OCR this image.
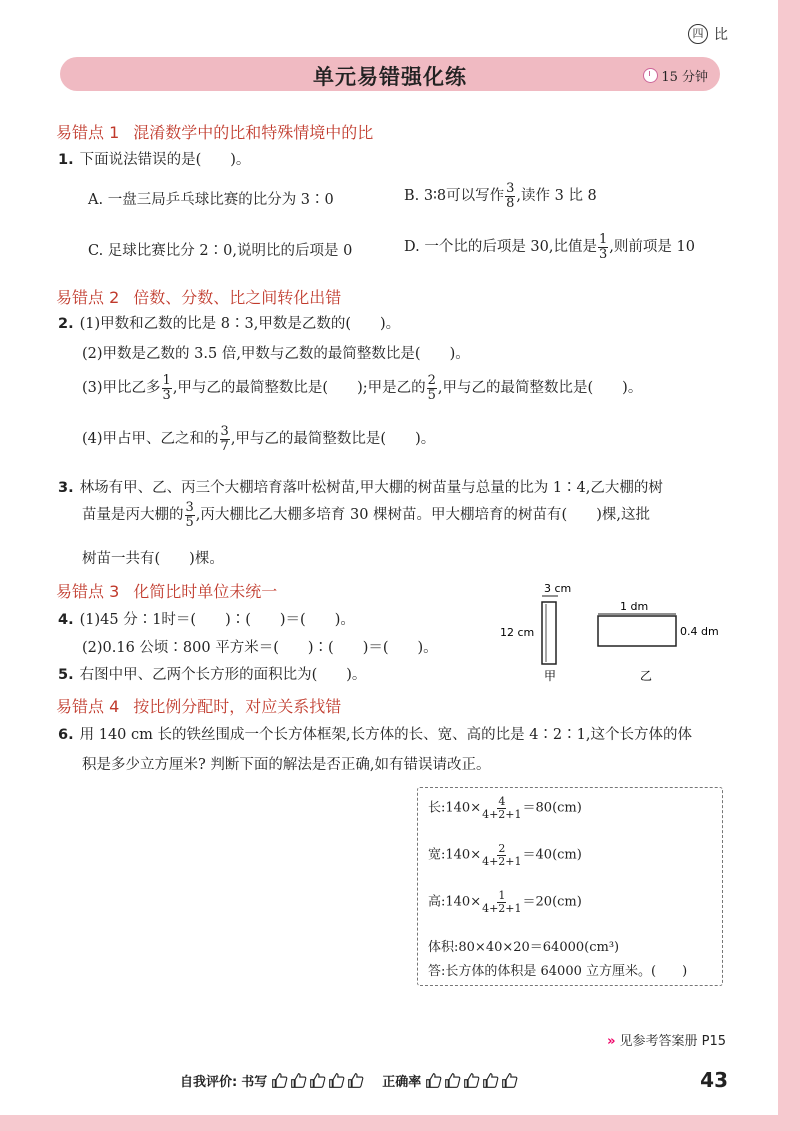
四 比
单元易错强化练	15 分钟
易错点 1 混淆数学中的比和特殊情境中的比
1. 下面说法错误的是(　　)。
A. 一盘三局乒乓球比赛的比分为 3∶0	B. 3∶8可以写作 $\frac{3}{8}$ ,读作 3 比 8
C. 足球比赛比分 2∶0,说明比的后项是 0	D. 一个比的后项是 30,比值是 $\frac{1}{3}$ ,则前项是 10
易错点 2 倍数、分数、比之间转化出错
2. (1)甲数和乙数的比是 8∶3,甲数是乙数的(　　)。
(2)甲数是乙数的 3.5 倍,甲数与乙数的最简整数比是(　　)。
(3)甲比乙多 $\frac{1}{3}$ ,甲与乙的最简整数比是(　　);甲是乙的 $\frac{2}{5}$ ,甲与乙的最简整数比是(　　)。
(4)甲占甲、乙之和的 $\frac{3}{7}$ ,甲与乙的最简整数比是(　　)。
3. 林场有甲、乙、丙三个大棚培育落叶松树苗,甲大棚的树苗量与总量的比为 1∶4,乙大棚的树
苗量是丙大棚的 $\frac{3}{5}$ ,丙大棚比乙大棚多培育 30 棵树苗。甲大棚培育的树苗有(　　)棵,这批
树苗一共有(　　)棵。
易错点 3 化简比时单位未统一
4. (1)45 分∶1时＝(　　)∶(　　)＝(　　)。
(2)0.16 公顷∶800 平方米＝(　　)∶(　　)＝(　　)。
5. 右图中甲、乙两个长方形的面积比为(　　)。
3 cm
12 cm
甲
1 dm
0.4 dm
乙
易错点 4 按比例分配时，对应关系找错
6. 用 140 cm 长的铁丝围成一个长方体框架,长方体的长、宽、高的比是 4∶2∶1,这个长方体的体
积是多少立方厘米? 判断下面的解法是否正确,如有错误请改正。
长:140× $\frac{4}{4+2+1} =80(cm)$
宽:140× $\frac{2}{4+2+1} =40(cm)$
高:140× $\frac{1}{4+2+1} =20(cm)$
体积:80×40×20＝64000(cm³)
答:长方体的体积是 64000 立方厘米。(　　)
» 见参考答案册 P15
自我评价: 书写	正确率	43
